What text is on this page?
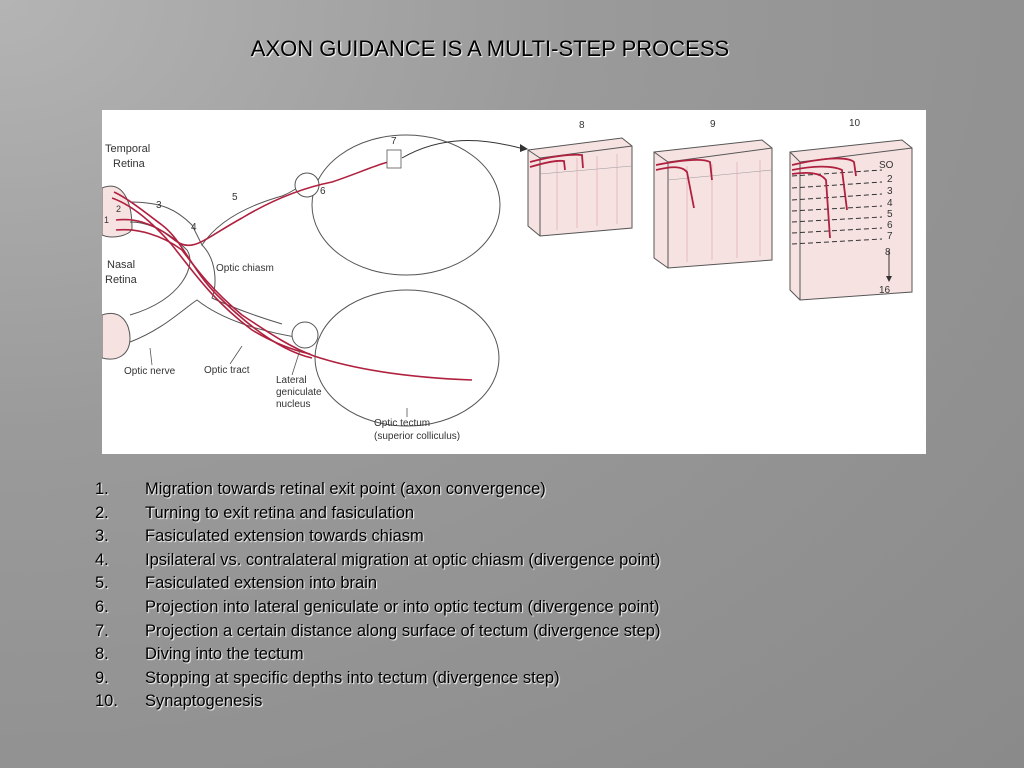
AXON GUIDANCE IS A MULTI-STEP PROCESS
1
2	3
4
5
6
7
8	9	10
Temporal
Retina
Nasal
Retina
Optic chiasm
Optic nerve	Optic tract
Lateral
geniculate
nucleus
Optic tectum
(superior colliculus)
SO
2
3
4
5
6
7
8
16
1. Migration towards retinal exit point (axon convergence)
2. Turning to exit retina and fasiculation
3. Fasiculated extension towards chiasm
4. Ipsilateral vs. contralateral migration at optic chiasm (divergence point)
5. Fasiculated extension into brain
6. Projection into lateral geniculate or into optic tectum (divergence point)
7. Projection a certain distance along surface of tectum (divergence step)
8. Diving into the tectum
9. Stopping at specific depths into tectum (divergence step)
10. Synaptogenesis
